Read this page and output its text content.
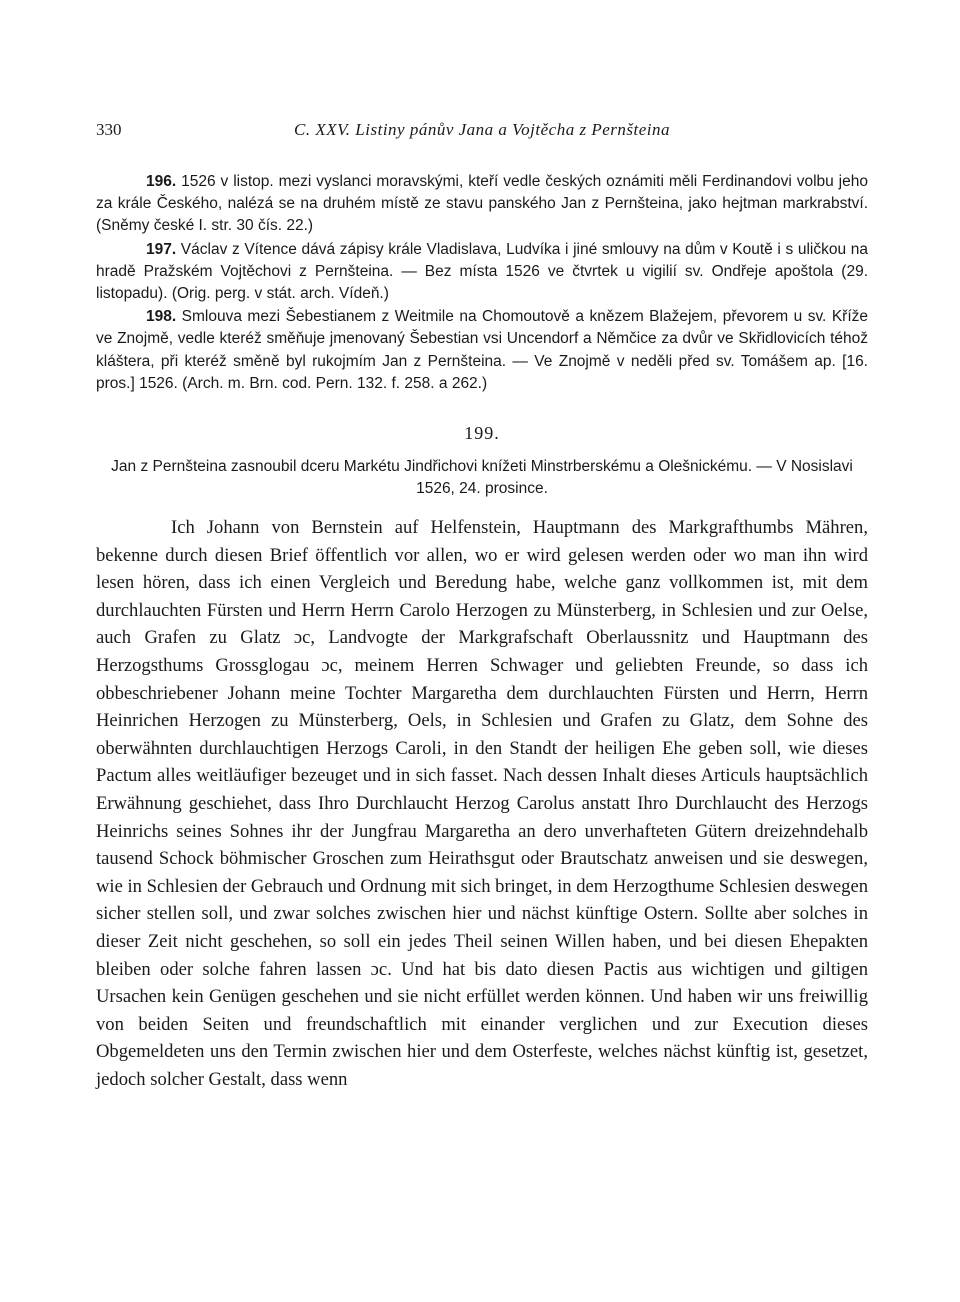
330	C. XXV. Listiny pánův Jana a Vojtěcha z Pernšteina

196. 1526 v listop. mezi vyslanci moravskými, kteří vedle českých oznámiti měli Ferdinandovi volbu jeho za krále Českého, nalézá se na druhém místě ze stavu panského Jan z Pernšteina, jako hejtman markrabství. (Sněmy české I. str. 30 čís. 22.)

197. Václav z Vítence dává zápisy krále Vladislava, Ludvíka i jiné smlouvy na dům v Koutě i s uličkou na hradě Pražském Vojtěchovi z Pernšteina. — Bez místa 1526 ve čtvrtek u vigilií sv. Ondřeje apoštola (29. listopadu). (Orig. perg. v stát. arch. Vídeň.)

198. Smlouva mezi Šebestianem z Weitmile na Chomoutově a knězem Blažejem, převorem u sv. Kříže ve Znojmě, vedle kteréž směňuje jmenovaný Šebestian vsi Uncendorf a Němčice za dvůr ve Skřidlovicích téhož kláštera, při kteréž směně byl rukojmím Jan z Pernšteina. — Ve Znojmě v neděli před sv. Tomášem ap. [16. pros.] 1526. (Arch. m. Brn. cod. Pern. 132. f. 258. a 262.)

199.
Jan z Pernšteina zasnoubil dceru Markétu Jindřichovi knížeti Minstrberskému a Olešnickému. — V Nosislavi 1526, 24. prosince.

Ich Johann von Bernstein auf Helfenstein, Hauptmann des Markgrafthumbs Mähren, bekenne durch diesen Brief öffentlich vor allen, wo er wird gelesen werden oder wo man ihn wird lesen hören, dass ich einen Vergleich und Beredung habe, welche ganz vollkommen ist, mit dem durchlauchten Fürsten und Herrn Herrn Carolo Herzogen zu Münsterberg, in Schlesien und zur Oelse, auch Grafen zu Glatz ɔc, Landvogte der Markgrafschaft Oberlaussnitz und Hauptmann des Herzogsthums Grossglogau ɔc, meinem Herren Schwager und geliebten Freunde, so dass ich obbeschriebener Johann meine Tochter Margaretha dem durchlauchten Fürsten und Herrn, Herrn Heinrichen Herzogen zu Münsterberg, Oels, in Schlesien und Grafen zu Glatz, dem Sohne des oberwähnten durchlauchtigen Herzogs Caroli, in den Standt der heiligen Ehe geben soll, wie dieses Pactum alles weitläufiger bezeuget und in sich fasset. Nach dessen Inhalt dieses Articuls hauptsächlich Erwähnung geschiehet, dass Ihro Durchlaucht Herzog Carolus anstatt Ihro Durchlaucht des Herzogs Heinrichs seines Sohnes ihr der Jungfrau Margaretha an dero unverhafteten Gütern dreizehndehalb tausend Schock böhmischer Groschen zum Heirathsgut oder Brautschatz anweisen und sie deswegen, wie in Schlesien der Gebrauch und Ordnung mit sich bringet, in dem Herzogthume Schlesien deswegen sicher stellen soll, und zwar solches zwischen hier und nächst künftige Ostern. Sollte aber solches in dieser Zeit nicht geschehen, so soll ein jedes Theil seinen Willen haben, und bei diesen Ehepakten bleiben oder solche fahren lassen ɔc. Und hat bis dato diesen Pactis aus wichtigen und giltigen Ursachen kein Genügen geschehen und sie nicht erfüllet werden können. Und haben wir uns freiwillig von beiden Seiten und freundschaftlich mit einander verglichen und zur Execution dieses Obgemeldeten uns den Termin zwischen hier und dem Osterfeste, welches nächst künftig ist, gesetzet, jedoch solcher Gestalt, dass wenn
